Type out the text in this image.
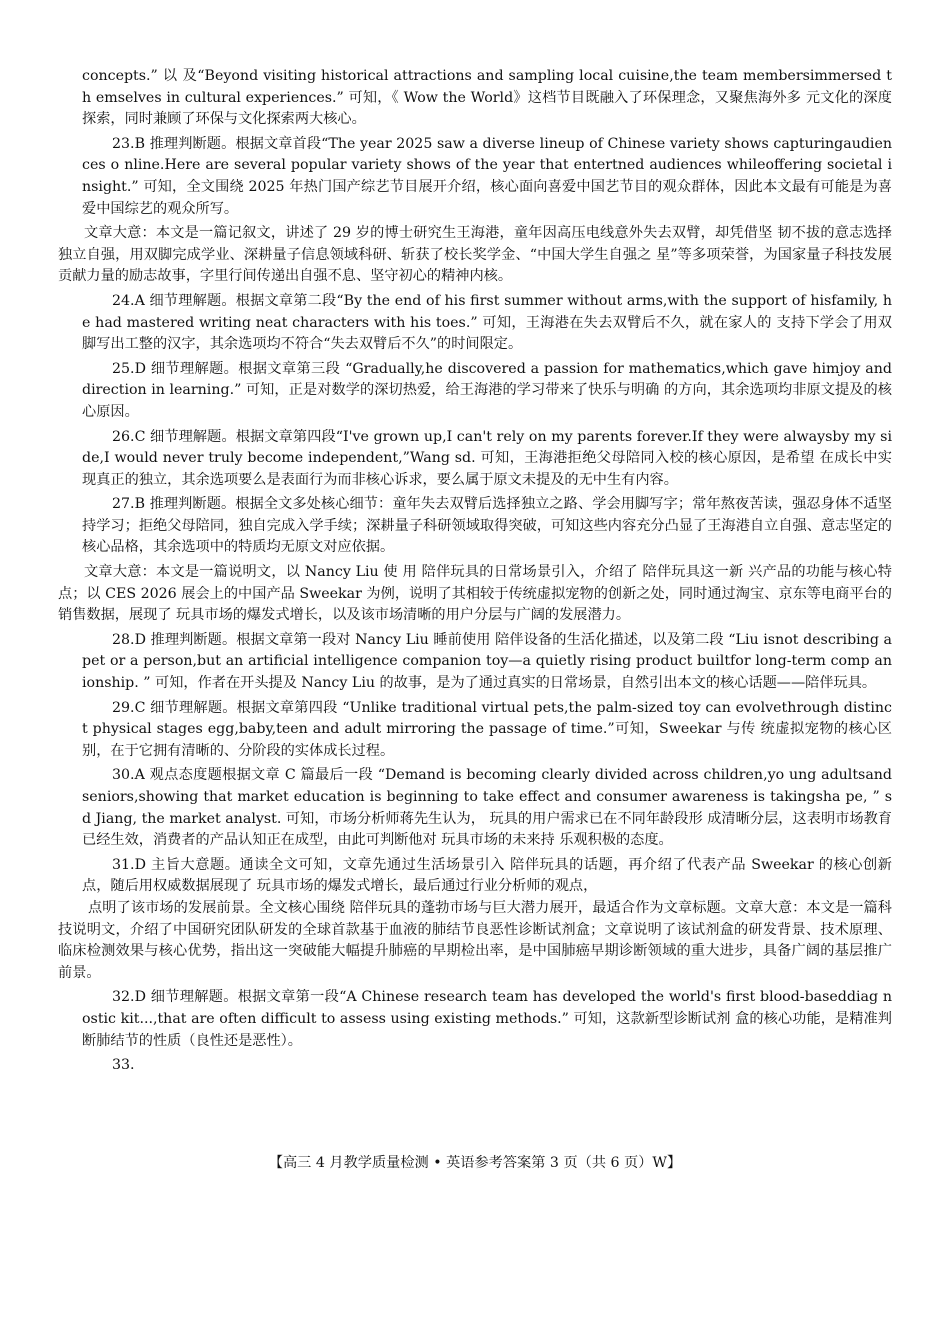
concepts.” 以 及“Beyond visiting historical attractions and sampling local cuisine,the team membersimmersed th emselves in cultural experiences.” 可知，《 Wow the World》这档节目既融入了环保理念，又聚焦海外多 元文化的深度探索，同时兼顾了环保与文化探索两大核心。

23.B 推理判断题。根据文章首段“The year 2025 saw a diverse lineup of Chinese variety shows capturingaudiences o nline.Here are several popular variety shows of the year that entertned audiences whileoffering societal insight.” 可知，全文围绕 2025 年热门国产综艺节目展开介绍，核心面向喜爱中国艺节目的观众群体，因此本文最有可能是为喜 爱中国综艺的观众所写。

文章大意：本文是一篇记叙文，讲述了 29 岁的博士研究生王海港，童年因高压电线意外失去双臂，却凭借坚 韧不拔的意志选择独立自强，用双脚完成学业、深耕量子信息领域科研、斩获了校长奖学金、“中国大学生自强之 星”等多项荣誉，为国家量子科技发展贡献力量的励志故事，字里行间传递出自强不息、坚守初心的精神内核。

24.A 细节理解题。根据文章第二段“By the end of his first summer without arms,with the support of hisfamily, he had mastered writing neat characters with his toes.” 可知，王海港在失去双臂后不久，就在家人的 支持下学会了用双脚写出工整的汉字，其余选项均不符合“失去双臂后不久”的时间限定。

25.D 细节理解题。根据文章第三段 “Gradually,he discovered a passion for mathematics,which gave himjoy and direction in learning.” 可知，正是对数学的深切热爱，给王海港的学习带来了快乐与明确 的方向，其余选项均非原文提及的核心原因。

26.C 细节理解题。根据文章第四段“I've grown up,I can't rely on my parents forever.If they were alwaysby my si de,I would never truly become independent,”Wang sd. 可知，王海港拒绝父母陪同入校的核心原因，是希望 在成长中实现真正的独立，其余选项要么是表面行为而非核心诉求，要么属于原文未提及的无中生有内容。

27.B 推理判断题。根据全文多处核心细节：童年失去双臂后选择独立之路、学会用脚写字；常年熬夜苦读，强忍身体不适坚持学习；拒绝父母陪同，独自完成入学手续；深耕量子科研领域取得突破，可知这些内容充分凸显了王海港自立自强、意志坚定的核心品格，其余选项中的特质均无原文对应依据。

文章大意：本文是一篇说明文，以 Nancy Liu 使 用 陪伴玩具的日常场景引入，介绍了 陪伴玩具这一新 兴产品的功能与核心特点；以 CES 2026 展会上的中国产品 Sweekar 为例，说明了其相较于传统虚拟宠物的创新之处，同时通过淘宝、京东等电商平台的销售数据，展现了 玩具市场的爆发式增长，以及该市场清晰的用户分层与广阔的发展潜力。

28.D 推理判断题。根据文章第一段对 Nancy Liu 睡前使用 陪伴设备的生活化描述，以及第二段 “Liu isnot describing a pet or a person,but an artificial intelligence companion toy—a quietly rising product builtfor long-term comp anionship. ” 可知，作者在开头提及 Nancy Liu 的故事，是为了通过真实的日常场景，自然引出本文的核心话题——陪伴玩具。

29.C 细节理解题。根据文章第四段 “Unlike traditional virtual pets,the palm-sized toy can evolvethrough distinct physical stages egg,baby,teen and adult mirroring the passage of time.”可知，Sweekar 与传 统虚拟宠物的核心区别，在于它拥有清晰的、分阶段的实体成长过程。

30.A 观点态度题根据文章 C 篇最后一段 “Demand is becoming clearly divided across children,yo ung adultsand seniors,showing that market education is beginning to take effect and consumer awareness is takingsha pe, ” sd Jiang, the market analyst. 可知，市场分析师蒋先生认为， 玩具的用户需求已在不同年龄段形 成清晰分层，这表明市场教育已经生效，消费者的产品认知正在成型，由此可判断他对 玩具市场的未来持 乐观积极的态度。

31.D 主旨大意题。通读全文可知，文章先通过生活场景引入 陪伴玩具的话题，再介绍了代表产品 Sweekar 的核心创新点，随后用权威数据展现了 玩具市场的爆发式增长，最后通过行业分析师的观点，

点明了该市场的发展前景。全文核心围绕 陪伴玩具的蓬勃市场与巨大潜力展开，最适合作为文章标题。文章大意：本文是一篇科技说明文，介绍了中国研究团队研发的全球首款基于血液的肺结节良恶性诊断试剂盒；文章说明了该试剂盒的研发背景、技术原理、临床检测效果与核心优势，指出这一突破能大幅提升肺癌的早期检出率，是中国肺癌早期诊断领域的重大进步，具备广阔的基层推广前景。

32.D 细节理解题。根据文章第一段“A Chinese research team has developed the world's first blood-baseddiag nostic kit...,that are often difficult to assess using existing methods.” 可知，这款新型诊断试剂 盒的核心功能，是精准判断肺结节的性质（良性还是恶性）。

33.

【高三 4 月教学质量检测 • 英语参考答案第 3 页（共 6 页）W】
